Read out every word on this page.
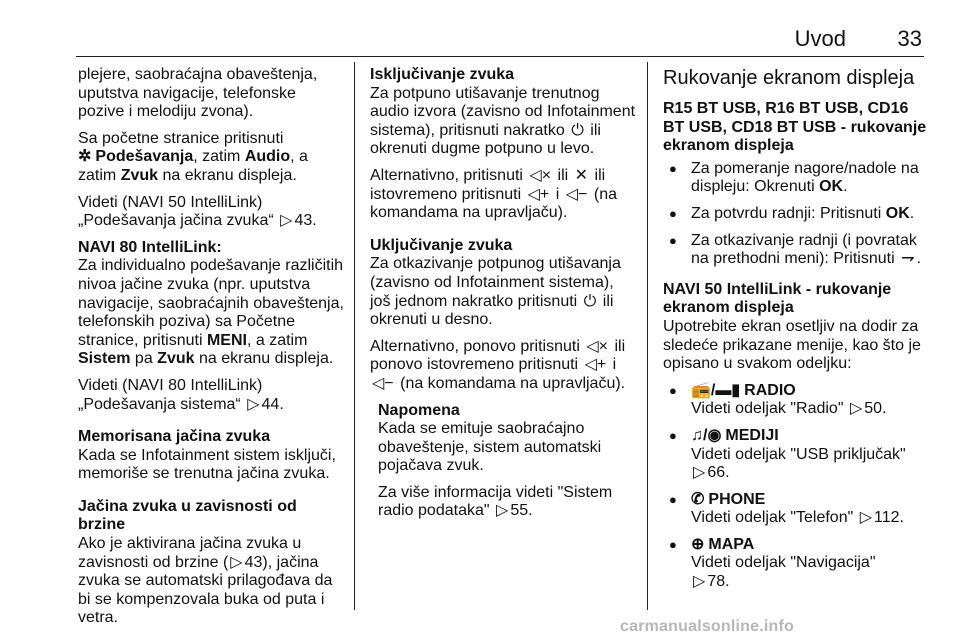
Uvod 33

plejere, saobraćajna obaveštenja, uputstva navigacije, telefonske pozive i melodiju zvona).

Sa početne stranice pritisnuti
✲ Podešavanja, zatim Audio, a zatim Zvuk na ekranu displeja.

Videti (NAVI 50 IntelliLink)
„Podešavanja jačina zvuka“ ▷ 43.

NAVI 80 IntelliLink:

Za individualno podešavanje različitih nivoa jačine zvuka (npr. uputstva navigacije, saobraćajnih obaveštenja, telefonskih poziva) sa Početne stranice, pritisnuti MENI, a zatim Sistem pa Zvuk na ekranu displeja.

Videti (NAVI 80 IntelliLink)
„Podešavanja sistema“ ▷ 44.

Memorisana jačina zvuka

Kada se Infotainment sistem isključi, memoriše se trenutna jačina zvuka.

Jačina zvuka u zavisnosti od brzine

Ako je aktivirana jačina zvuka u zavisnosti od brzine ( ▷ 43), jačina zvuka se automatski prilagođava da bi se kompenzovala buka od puta i vetra.

Isključivanje zvuka

Za potpuno utišavanje trenutnog audio izvora (zavisno od Infotainment sistema), pritisnuti nakratko ⏻ ili okrenuti dugme potpuno u levo.

Alternativno, pritisnuti ◁× ili ✕ ili istovremeno pritisnuti ◁+ i ◁− (na komandama na upravljaču).

Uključivanje zvuka

Za otkazivanje potpunog utišavanja (zavisno od Infotainment sistema), još jednom nakratko pritisnuti ⏻ ili okrenuti u desno.

Alternativno, ponovo pritisnuti ◁× ili ponovo istovremeno pritisnuti ◁+ i ◁− (na komandama na upravljaču).

Napomena

Kada se emituje saobraćajno obaveštenje, sistem automatski pojačava zvuk.

Za više informacija videti "Sistem radio podataka" ▷ 55.

Rukovanje ekranom displeja
R15 BT USB, R16 BT USB, CD16 BT USB, CD18 BT USB - rukovanje ekranom displeja
● Za pomeranje nagore/nadole na displeju: Okrenuti OK.
● Za potvrdu radnji: Pritisnuti OK.
● Za otkazivanje radnji (i povratak na prethodni meni): Pritisnuti ⇁ .
NAVI 50 IntelliLink - rukovanje ekranom displeja

Upotrebite ekran osetljiv na dodir za sledeće prikazane menije, kao što je opisano u svakom odeljku:

● 📻/▬▮ RADIO
Videti odeljak "Radio" ▷ 50.
● ♫/◉ MEDIJI
Videti odeljak "USB priključak"
▷ 66.
● ✆ PHONE
Videti odeljak "Telefon" ▷ 112.
● ⊕ MAPA
Videti odeljak "Navigacija"
▷ 78.
carmanualsonline.info
